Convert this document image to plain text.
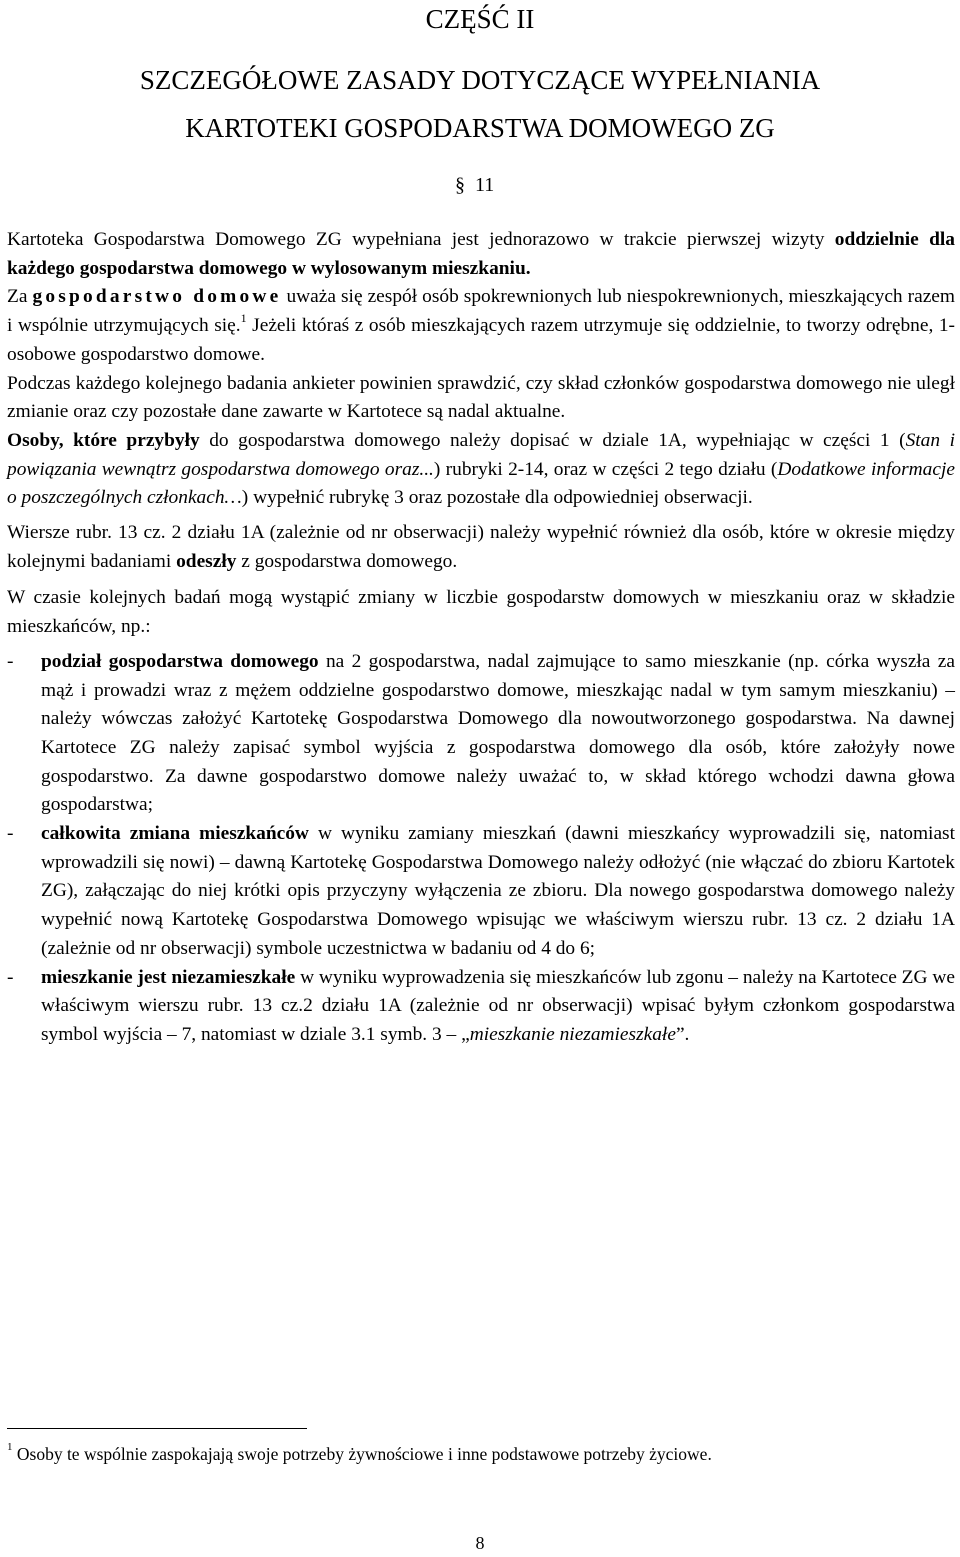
CZĘŚĆ II
SZCZEGÓŁOWE ZASADY DOTYCZĄCE WYPEŁNIANIA
KARTOTEKI GOSPODARSTWA DOMOWEGO ZG
§ 11

Kartoteka Gospodarstwa Domowego ZG wypełniana jest jednorazowo w trakcie pierwszej wizyty oddzielnie dla każdego gospodarstwa domowego w wylosowanym mieszkaniu.

Za gospodarstwo domowe uważa się zespół osób spokrewnionych lub niespokrewnionych, mieszkających razem i wspólnie utrzymujących się.$^1$ Jeżeli któraś z osób mieszkających razem utrzymuje się oddzielnie, to tworzy odrębne, 1-osobowe gospodarstwo domowe.

Podczas każdego kolejnego badania ankieter powinien sprawdzić, czy skład członków gospodarstwa domowego nie uległ zmianie oraz czy pozostałe dane zawarte w Kartotece są nadal aktualne.

Osoby, które przybyły do gospodarstwa domowego należy dopisać w dziale 1A, wypełniając w części 1 (Stan i powiązania wewnątrz gospodarstwa domowego oraz...) rubryki 2-14, oraz w części 2 tego działu (Dodatkowe informacje o poszczególnych członkach…) wypełnić rubrykę 3 oraz pozostałe dla odpowiedniej obserwacji.

Wiersze rubr. 13 cz. 2 działu 1A (zależnie od nr obserwacji) należy wypełnić również dla osób, które w okresie między kolejnymi badaniami odeszły z gospodarstwa domowego.

W czasie kolejnych badań mogą wystąpić zmiany w liczbie gospodarstw domowych w mieszkaniu oraz w składzie mieszkańców, np.:

- podział gospodarstwa domowego na 2 gospodarstwa, nadal zajmujące to samo mieszkanie (np. córka wyszła za mąż i prowadzi wraz z mężem oddzielne gospodarstwo domowe, mieszkając nadal w tym samym mieszkaniu) – należy wówczas założyć Kartotekę Gospodarstwa Domowego dla nowoutworzonego gospodarstwa. Na dawnej Kartotece ZG należy zapisać symbol wyjścia z gospodarstwa domowego dla osób, które założyły nowe gospodarstwo. Za dawne gospodarstwo domowe należy uważać to, w skład którego wchodzi dawna głowa gospodarstwa;
- całkowita zmiana mieszkańców w wyniku zamiany mieszkań (dawni mieszkańcy wyprowadzili się, natomiast wprowadzili się nowi) – dawną Kartotekę Gospodarstwa Domowego należy odłożyć (nie włączać do zbioru Kartotek ZG), załączając do niej krótki opis przyczyny wyłączenia ze zbioru. Dla nowego gospodarstwa domowego należy wypełnić nową Kartotekę Gospodarstwa Domowego wpisując we właściwym wierszu rubr. 13 cz. 2 działu 1A (zależnie od nr obserwacji) symbole uczestnictwa w badaniu od 4 do 6;
- mieszkanie jest niezamieszkałe w wyniku wyprowadzenia się mieszkańców lub zgonu – należy na Kartotece ZG we właściwym wierszu rubr. 13 cz.2 działu 1A (zależnie od nr obserwacji) wpisać byłym członkom gospodarstwa symbol wyjścia – 7, natomiast w dziale 3.1 symb. 3 – „mieszkanie niezamieszkałe”.
$^1$ Osoby te wspólnie zaspokajają swoje potrzeby żywnościowe i inne podstawowe potrzeby życiowe.
8
